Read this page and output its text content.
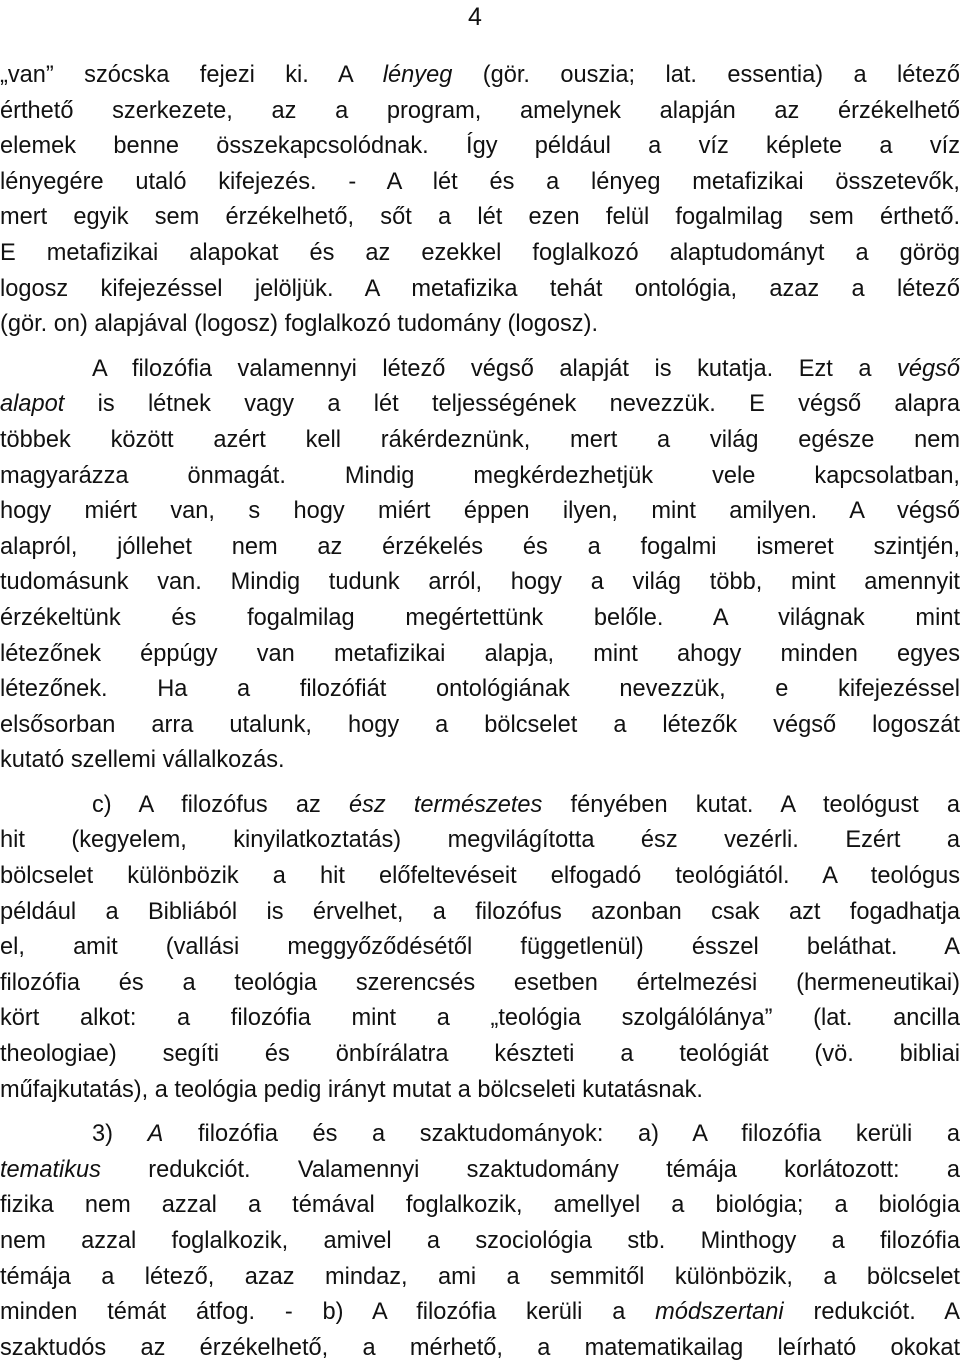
4
„van” szócska fejezi ki. A lényeg (gör. ouszia; lat. essentia) a létező
érthető szerkezete, az a program, amelynek alapján az érzékelhető
elemek benne összekapcsolódnak. Így például a víz képlete a víz
lényegére utaló kifejezés. - A lét és a lényeg metafizikai összetevők,
mert egyik sem érzékelhető, sőt a lét ezen felül fogalmilag sem érthető.
E metafizikai alapokat és az ezekkel foglalkozó alaptudományt a görög
logosz kifejezéssel jelöljük. A metafizika tehát ontológia, azaz a létező
(gör. on) alapjával (logosz) foglalkozó tudomány (logosz).
A filozófia valamennyi létező végső alapját is kutatja. Ezt a végső
alapot is létnek vagy a lét teljességének nevezzük. E végső alapra
többek között azért kell rákérdeznünk, mert a világ egésze nem
magyarázza önmagát. Mindig megkérdezhetjük vele kapcsolatban,
hogy miért van, s hogy miért éppen ilyen, mint amilyen. A végső
alapról, jóllehet nem az érzékelés és a fogalmi ismeret szintjén,
tudomásunk van. Mindig tudunk arról, hogy a világ több, mint amennyit
érzékeltünk és fogalmilag megértettünk belőle. A világnak mint
létezőnek éppúgy van metafizikai alapja, mint ahogy minden egyes
létezőnek. Ha a filozófiát ontológiának nevezzük, e kifejezéssel
elsősorban arra utalunk, hogy a bölcselet a létezők végső logoszát
kutató szellemi vállalkozás.
c) A filozófus az ész természetes fényében kutat. A teológust a
hit (kegyelem, kinyilatkoztatás) megvilágította ész vezérli. Ezért a
bölcselet különbözik a hit előfeltevéseit elfogadó teológiától. A teológus
például a Bibliából is érvelhet, a filozófus azonban csak azt fogadhatja
el, amit (vallási meggyőződésétől függetlenül) ésszel beláthat. A
filozófia és a teológia szerencsés esetben értelmezési (hermeneutikai)
kört alkot: a filozófia mint a „teológia szolgálólánya” (lat. ancilla
theologiae) segíti és önbírálatra készteti a teológiát (vö. bibliai
műfajkutatás), a teológia pedig irányt mutat a bölcseleti kutatásnak.
3) A filozófia és a szaktudományok: a) A filozófia kerüli a
tematikus redukciót. Valamennyi szaktudomány témája korlátozott: a
fizika nem azzal a témával foglalkozik, amellyel a biológia; a biológia
nem azzal foglalkozik, amivel a szociológia stb. Minthogy a filozófia
témája a létező, azaz mindaz, ami a semmitől különbözik, a bölcselet
minden témát átfog. - b) A filozófia kerüli a módszertani redukciót. A
szaktudós az érzékelhető, a mérhető, a matematikailag leírható okokat
